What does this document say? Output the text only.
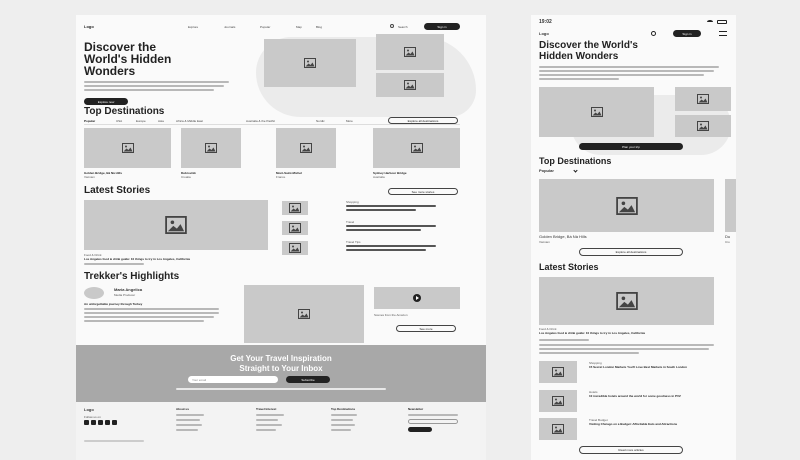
Logo	Explore	Journals	Popular	Map	Blog	Search	Sign in
Discover the
World's Hidden
Wonders
Explore now
Top Destinations
Popular	USA	Europe	Asia	Africa & Middle East	Australia & the Pacific	Nordic	More	Explore all destinations
Golden Bridge, Bà Nà Hills
Vietnam
Dubrovnik
Croatia
Mont-Saint-Michel
France
Sydney Harbour Bridge
Australia
Latest Stories	See more stories
Food & Drink
Los Angeles food & drink guide: 10 things to try in Los Angeles, California
Shopping
Travel
Travel Tips
Trekker's Highlights
Maria Angelica
Media Producer
An unforgettable journey through Turkey
Scenes from the Amazon
See more
Get Your Travel Inspiration
Straight to Your Inbox
Your email	Subscribe
Logo
Follow us on
About us	Travel Interest	Top Destinations	Newsletter
19:02
Logo	Sign in
Discover the World's
Hidden Wonders
Plan your trip
Top Destinations
Popular
Golden Bridge, Bà Nà Hills
Vietnam
Du
Cro
Explore all destinations
Latest Stories
Food & Drink
Los Angeles food & drink guide: 10 things to try in Los Angeles, California
Shopping
15 Secret London Markets You'll Love Best Markets in South London
Hotels
10 incredible hotels around the world for some goodness in PVZ
Travel Budget
Visiting Chicago on a Budget: Affordable Eats and Attractions
Read more articles
